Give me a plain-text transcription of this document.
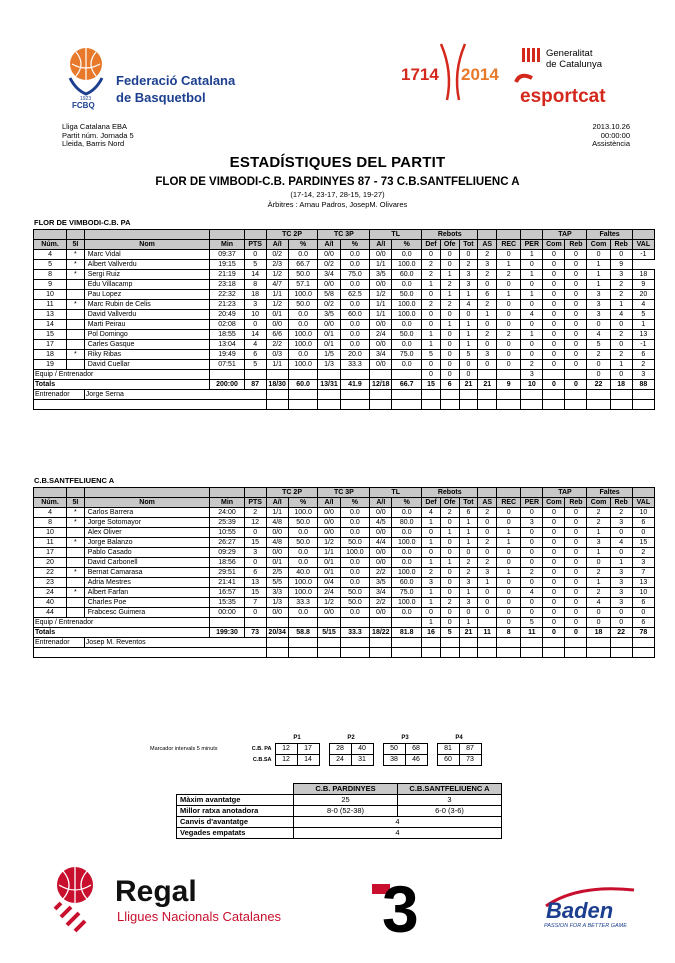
1923
FCBQ
Federació Catalana
de Basquetbol
1714 2014
Generalitat
de Catalunya
esportcat
Lliga Catalana EBA
Partit núm. Jornada 5
Lleida, Barris Nord
2013.10.26
00:00:00
Assistència
ESTADÍSTIQUES DEL PARTIT
FLOR DE VIMBODI-C.B. PARDINYES 87 - 73 C.B.SANTFELIUENC A
(17-14, 23-17, 28-15, 19-27)
Àrbitres : Arnau Padros, JosepM. Olivares
FLOR DE VIMBODI-C.B. PA
					TC 2P		TC 3P		TL		Rebots						TAP		Faltes		
Núm.	5I	Nom	Min	PTS	A/I	%	A/I	%	A/I	%	Def	Ofe	Tot	AS	REC	PER	Com	Reb	Com	Reb	VAL
4	*	Marc Vidal	09:37	0	0/2	0.0	0/0	0.0	0/0	0.0	0	0	0	2	0	1	0	0	0	0	-1
5	*	Albert Vallverdu	19:15	5	2/3	66.7	0/2	0.0	1/1	100.0	2	0	2	3	1	0	0	0	1	9	
8	*	Sergi Ruiz	21:19	14	1/2	50.0	3/4	75.0	3/5	60.0	2	1	3	2	2	1	0	0	1	3	18
9		Edu Villacamp	23:18	8	4/7	57.1	0/0	0.0	0/0	0.0	1	2	3	0	0	0	0	0	1	2	9
10		Pau Lopez	22:32	18	1/1	100.0	5/8	62.5	1/2	50.0	0	1	1	6	1	1	0	0	3	2	20
11	*	Marc Rubin de Celis	21:23	3	1/2	50.0	0/2	0.0	1/1	100.0	2	2	4	2	0	0	0	0	3	1	4
13		David Vallverdu	20:49	10	0/1	0.0	3/5	60.0	1/1	100.0	0	0	0	1	0	4	0	0	3	4	5
14		Marti Peirau	02:08	0	0/0	0.0	0/0	0.0	0/0	0.0	0	1	1	0	0	0	0	0	0	0	1
15		Pol Domingo	18:55	14	6/6	100.0	0/1	0.0	2/4	50.0	1	0	1	2	2	1	0	0	4	2	13
17		Carles Gasque	13:04	4	2/2	100.0	0/1	0.0	0/0	0.0	1	0	1	0	0	0	0	0	5	0	-1
18	*	Riky Ribas	19:49	6	0/3	0.0	1/5	20.0	3/4	75.0	5	0	5	3	0	0	0	0	2	2	6
19		David Cuellar	07:51	5	1/1	100.0	1/3	33.3	0/0	0.0	0	0	0	0	0	2	0	0	0	1	2
Equip / Entrenador											0	0	0			3			0	0	3
Totals			200:00	87	18/30	60.0	13/31	41.9	12/18	66.7	15	6	21	21	9	10	0	0	22	18	88
Entrenador		Jorge Serna																			

C.B.SANTFELIUENC A
					TC 2P		TC 3P		TL		Rebots						TAP		Faltes		
Núm.	5I	Nom	Min	PTS	A/I	%	A/I	%	A/I	%	Def	Ofe	Tot	AS	REC	PER	Com	Reb	Com	Reb	VAL
4	*	Carlos Barrera	24:00	2	1/1	100.0	0/0	0.0	0/0	0.0	4	2	6	2	0	0	0	0	2	2	10
8	*	Jorge Sotomayor	25:39	12	4/8	50.0	0/0	0.0	4/5	80.0	1	0	1	0	0	3	0	0	2	3	6
10		Alex Oliver	10:55	0	0/0	0.0	0/0	0.0	0/0	0.0	0	1	1	0	1	0	0	0	1	0	0
11	*	Jorge Balanzo	26:27	15	4/8	50.0	1/2	50.0	4/4	100.0	1	0	1	2	1	0	0	0	3	4	15
17		Pablo Casado	09:29	3	0/0	0.0	1/1	100.0	0/0	0.0	0	0	0	0	0	0	0	0	1	0	2
20		David Carbonell	18:56	0	0/1	0.0	0/1	0.0	0/0	0.0	1	1	2	2	0	0	0	0	0	1	3
22	*	Bernat Camarasa	29:51	6	2/5	40.0	0/1	0.0	2/2	100.0	2	0	2	3	1	2	0	0	2	3	7
23		Adria Mestres	21:41	13	5/5	100.0	0/4	0.0	3/5	60.0	3	0	3	1	0	0	0	0	1	3	13
24	*	Albert Farfan	16:57	15	3/3	100.0	2/4	50.0	3/4	75.0	1	0	1	0	0	4	0	0	2	3	10
40		Charles Poe	15:35	7	1/3	33.3	1/2	50.0	2/2	100.0	1	2	3	0	0	0	0	0	4	3	6
44		Frabcesc Guimera	00:00	0	0/0	0.0	0/0	0.0	0/0	0.0	0	0	0	0	0	0	0	0	0	0	0
Equip / Entrenador											1	0	1		0	5	0	0	0	0	6
Totals			199:30	73	20/34	58.8	5/15	33.3	18/22	81.8	16	5	21	11	8	11	0	0	18	22	78
Entrenador		Josep M. Reventos																			

Marcador intervals 5 minuts
	P1			P2			P3			P4	
C.B. PA	12	17		28	40		50	68		81	87
C.B.SA	12	14		24	31		38	46		60	73
	C.B. PARDINYES	C.B.SANTFELIUENC A
Màxim avantatge	25	3
Millor ratxa anotadora	8-0 (52-38)	6-0 (3-6)
Canvis d'avantatge	4	
Vegades empatats	4	
Regal
Lligues Nacionals Catalanes 3	Baden
PASSION FOR A BETTER GAME
